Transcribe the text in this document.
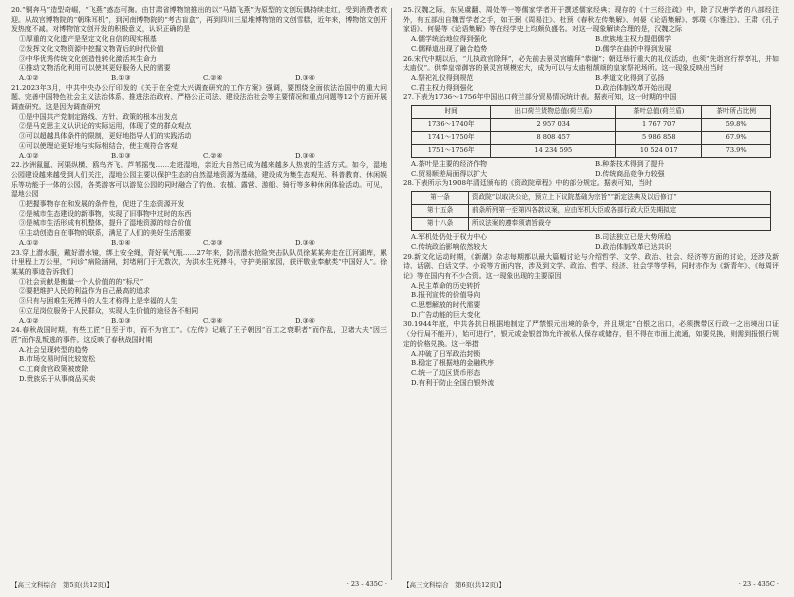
20.“铜奔马”造型奇崛，“飞燕”惑态可掬。由甘肃省博物馆推出的以“马踏飞燕”为原型的文创玩偶持续走红，受到消费者欢迎。从故宫博物院的“朝珠耳机”，到河南博物院的“考古盲盒”，再到四川三星堆博物馆的文创雪糕，近年来，博物馆文创开发热度不减。对博物馆文创开发的积极意义，认识正确的是

①厚重的文化遗产是坚定文化自信的现实根基

②发挥文化文物资源中挖掘文物背后的时代价值

③中华优秀传统文化创造性转化激活其生命力

④推动文物活化利用可以使其更好服务人民的需要

A.①②	B.①③	C.②④	D.③④

21.2023年3月，中共中央办公厅印发的《关于在全党大兴调查研究的工作方案》强调，要围绕全面依法治国中的重大问题、完善中国特色社会主义法治体系、推进法治政府、严格公正司法、建设法治社会等主要情况和重点问题等12个方面开展调查研究。这是因为调查研究

①是中国共产党制定路线、方针、政策的根本出发点

②是马克思主义认识论的实际运用，体现了党的群众观点

③可以超越具体条件的限制，更好地指导人们的实践活动

④可以使理论更好地与实际相结合，使主观符合客观

A.①②	B.①③	C.②④	D.③④

22.沙洲氤氲、河渠纵横、鸥鸟齐飞、芦苇摇曳……走进湿地，亲近大自然已成为越来越多人热衷的生活方式。如今，湿地公园建设越来越受到人们关注，湿地公园主要以保护生态的自然湿地资源为基础，建设成为集生态观光、科普教育、休闲娱乐等功能于一体的公园，各类游客可以游览公园的同时融合了钓鱼、农植、露营、游船、骑行等多种休闲体验活动。可见，湿地公园

①把握事物存在和发展的条件性，促进了生态资源开发

②是城市生态建设的新事物，实现了旧事物中过时的东西

③是城市生活形成有机整体，提升了湿地资源的综合价值

④主动创造自在事物的联系，满足了人们的美好生活需要

A.①②	B.①④	C.②③	D.③④

23.穿上潜水服，戴好潜水镜，绑上安全绳，背好氧气瓶……27年来，防汛潜水抢险突击队队员徐某某奔走在江河湖库，累计里程上万公里，“问诊”病险涵闸，封堵闸门于无数次，为洪水生死搏斗，守护美丽家园，获评敬业奉献类“中国好人”。徐某某的事迹告诉我们

①社会贡献是衡量一个人价值的的“标尺”

②要把维护人民的利益作为自己最高的追求

③只有与困难生死搏斗的人生才称得上是幸福的人生

④立足岗位服务于人民群众，实现人生价值的途径各不相同

A.①②	B.①③	C.②④	D.③④

24.春秋战国时期，有些工匠“日至于市，而不为官工”。《左传》记载了王子朝因“百工之衰职者”而作乱，卫诸大夫“因三匠”而作乱叛逃的事件。这反映了春秋战国时期

A.社会呈现转型的趋势

B.市场交易时间比较宽松

C.工商食官政策被废除

D.贵族乐于从事商品买卖

25.汉魏之际，东吴虞翻、周处等一等儒家学者开于撰述儒家经典；现存的《十三经注疏》中，除了汉唐学者的八部经注外，有五部出自魏晋学者之手，如王弼《周易注》、杜预《春秋左传集解》、何晏《论语集解》、郭璞《尔雅注》、王肃《孔子家语》、何晏等《论语集解》等在经学史上均颇负盛名。对这一现象解读合理的是，汉魏之际

A.儒学统治地位得到强化	B.庶族地主权力提倡儒学
C.儒释道出现了融合趋势	D.儒学在曲折中得到发展

26.宋代中期以后，“儿执政官除拜”，必先前去景灵宫瞻拜“恭谢”；朝廷举行重大的礼仪活动，也须“先诣宫行荐享礼，并如太庙仪”。供奉皇帝御容的景灵宫规模宏大，成为可以与太庙相颉颃的皇家祭祀场所。这一现象反映出当时

A.祭祀礼仪得到规范	B.孝道文化得到了弘扬
C.君主权力得到强化	D.政治体制改革开始出现

27.下表为1736～1756年中国出口荷兰部分贸易情况统计表。据表可知，这一时期的中国

时间	出口荷兰货物总值(荷兰盾)	茶叶总值(荷兰盾)	茶叶所占比例
1736～1740年	2 957 034	1 767 707	59.8%
1741～1750年	8 808 457	5 986 858	67.9%
1751～1756年	14 234 595	10 524 017	73.9%
A.茶叶是主要的经济作物	B.种茶技术得到了提升
C.贸易顺差局面得以扩大	D.传统商品竞争力较强

28.下表所示为1908年清廷颁布的《资政院章程》中的部分规定。据表可知，当时

第一条	资政院“以取决公论，预立上下议院基础为宗旨”“新定法典及以后修订”
第十五条	前条所列第一至第四各款议案，应由军机大臣或各部行政大臣先期拟定
第十八条	所议法案的遵奉须请旨裁夺
A.军机处仍处于权力中心	B.司法独立已是大势所趋
C.传统政治影响依然较大	D.政治体制改革已达共识

29.新文化运动时期，《新潮》杂志每期都以最大篇幅讨论与介绍哲学、文学、政治、社会、经济等方面的讨论，还涉及新诗、话剧、白话文学、小说等方面内容，涉及到文学、政治、哲学、经济、社会学等学科，同时亦作为《新青年》、《每周评论》等在国内有不少合资。这一现象出现的主要原因

A.民主革命的历史转折

B.报刊宣传的价值导向

C.思想解放的时代需要

D.广告动能的巨大变化

30.1944年底，中共各抗日根据地制定了严禁银元出境的条令，并且规定“白银之出口，必须携带区行政一之出境出口证（分行局不能开），始可进行”，银元或金银首饰允许被私人保存或储存，但不得在市面上流通，如要兑换，则需到报银行规定的价格兑换。这一举措

A.冲破了日军政治封锁

B.稳定了根据地的金融秩序

C.统一了边区货币形态

D.有利于防止全国白银外流

【高三文科综合　第5页(共12页)】	· 23 - 435C · 【高三文科综合　第6页(共12页)】	· 23 - 435C ·
